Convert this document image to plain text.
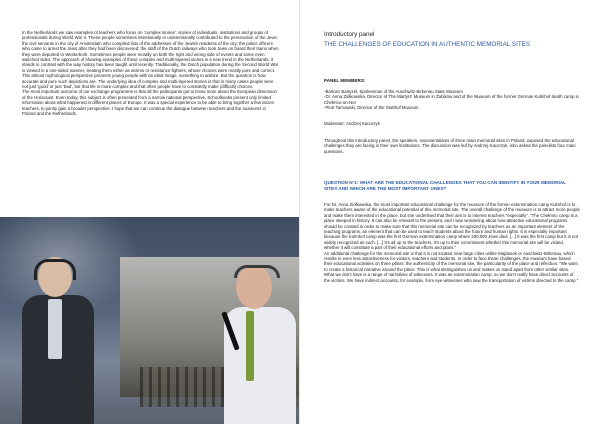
In the Netherlands we saw examples of teachers who focus on ‘complex stories’: stories of individuals, institutions and groups of professionals during World War II. These people sometimes intentionally or unintentionally contributed to the persecution of the Jews: the civil servants in the city of Amsterdam who compiled lists of the addresses of the Jewish residents of the city; the police officers who came to arrest the Jews after they had been discovered; the staff of the Dutch railways who took Jews on board their trains when they were deported to Westerbork. Sometimes people were morally on both the right and wrong side of events and some even switched sides. The approach of showing examples of these complex and multi-layered stories is a new trend in the Netherlands; it stands in contrast with the way history has been taught until recently. Traditionally, the Dutch population during the Second World War is viewed in a one-sided manner, treating them either as victims or resistance fighters, whose choices were mostly pure and correct. This almost mythological perspective presents young people with an ideal image, something to admire. But the question is how accurate and pure such depictions are. The underlying idea of complex and multi-layered stories is that in many cases people were not just ‘good’ or just ‘bad’, but that life is more complex and that often people have to constantly make (difficult) choices.

The most important outcome of our exchange programme is that all the participants got to know more about the European dimension of the Holocaust. Even today, this subject is often presented from a narrow national perspective. Schoolbooks present only limited information about what happened in different places of Europe. It was a special experience to be able to bring together a few dozen teachers, to jointly gain a broader perspective. I hope that we can continue the dialogue between teachers and the museums in Poland and the Netherlands.

Introductory panel
THE CHALLENGES OF EDUCATION IN AUTHENTIC MEMORIAL SITES
PANEL MEMBERS:
-Bartosz Bartyzel, Spokesman of the Auschwitz-Birkenau State Museum
-Dr. Anna Ziółkowska, Director of The Martyrs' Museum in Żabików and of the Museum of the former German Kulmhof death camp in Chełmno-on-Ner
-Piotr Tarnowski, Director of the Stutthof Museum
Moderator: Andrzej Kacorzyk
Throughout this introductory panel, the speakers, representatives of three main memorial sites in Poland, exposed the educational challenges they are facing in their own institutions. The discussion was led by Andrzej Kacorzyk, who asked the panelists four main questions.
QUESTION N°1: WHAT ARE THE EDUCATIONAL CHALLENGES THAT YOU CAN IDENTIFY IN YOUR MEMORIAL SITES AND WHICH ARE THE MOST IMPORTANT ONES?

For Dr. Anna Ziółkowska, the most important educational challenge for the museum of the former extermination camp Kulmhof is to make teachers aware of the educational potential of this memorial site. The overall challenge of the museum is to attract more people and make them interested in the place, but she underlined that their aim is to interest teachers “especially”. “The Chełmno camp is a place steeped in history. It can also be relevant to the present, and I was wondering about how attractive educational programs should be created in order to make sure that this memorial site can be recognized by teachers as an important element of the teaching programs, an element that can be used to teach students about the future and human rights. It is especially important because the Kulmhof camp was the first German extermination camp where 200,000 Jews died. [...] It was the first camp but it is not widely recognized as such. [...] It’s all up to the teachers, it’s up to their commitment whether this memorial site will be visited, whether it will constitute a part of their educational efforts and plans.”

An additional challenge for the memorial site is that it is not located near large cities unlike Majdanek or Auschwitz-Birkenau, which results in even less attractiveness for visitors, teachers and students. In order to face these challenges, the museum have based their educational activities on three pillars: the authenticity of the memorial site, the particularity of the place and reflection. “We want to create a historical narrative around the place. This is what distinguishes us and makes us stand apart from other similar sites. What we don’t have is a range of narratives of witnesses. It was an extermination camp, so we don’t really have direct accounts of the victims. We have indirect accounts, for example, from eye witnesses who saw the transportation of victims directed to the camp.”
